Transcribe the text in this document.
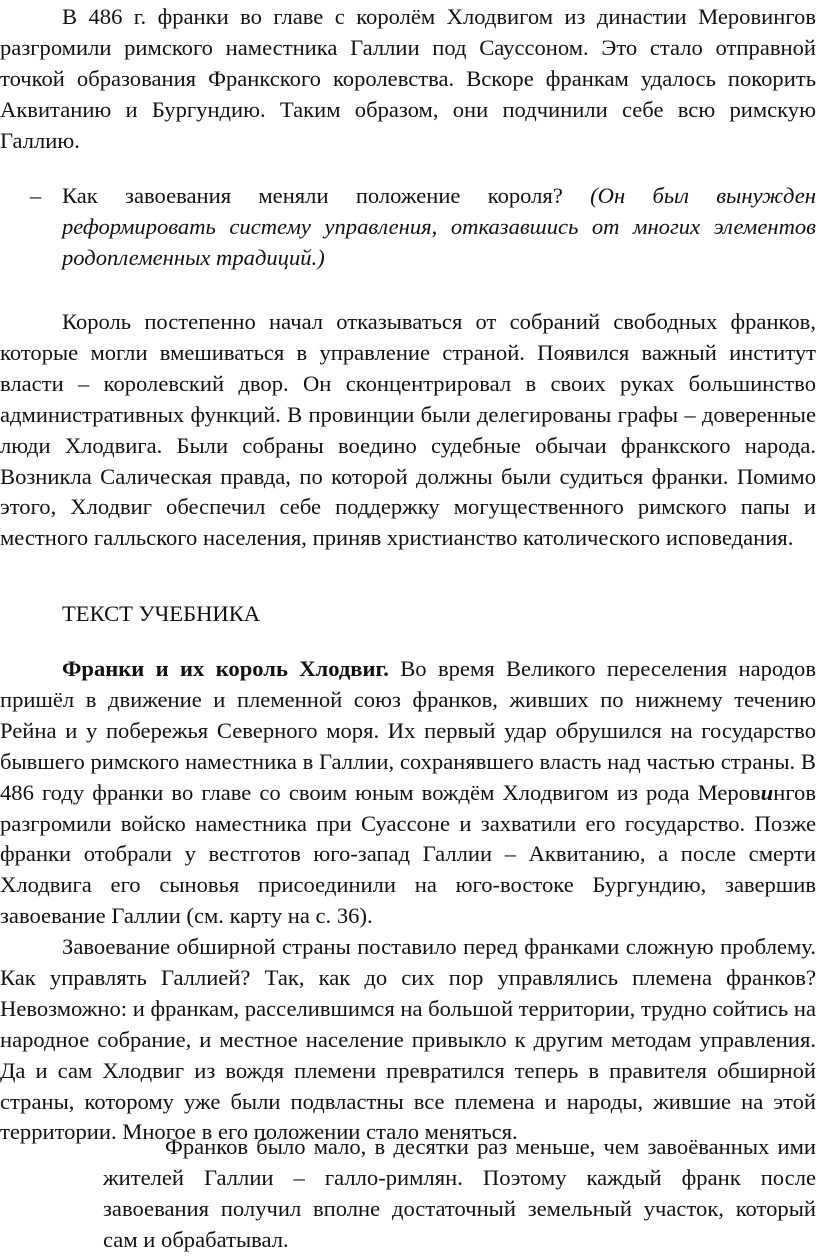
В 486 г. франки во главе с королём Хлодвигом из династии Меровингов разгромили римского наместника Галлии под Сауссоном. Это стало отправной точкой образования Франкского королевства. Вскоре франкам удалось покорить Аквитанию и Бургундию. Таким образом, они подчинили себе всю римскую Галлию.

– Как завоевания меняли положение короля? (Он был вынужден реформировать систему управления, отказавшись от многих элементов родоплеменных традиций.)

Король постепенно начал отказываться от собраний свободных франков, которые могли вмешиваться в управление страной. Появился важный институт власти – королевский двор. Он сконцентрировал в своих руках большинство административных функций. В провинции были делегированы графы – доверенные люди Хлодвига. Были собраны воедино судебные обычаи франкского народа. Возникла Салическая правда, по которой должны были судиться франки. Помимо этого, Хлодвиг обеспечил себе поддержку могущественного римского папы и местного галльского населения, приняв христианство католического исповедания.

ТЕКСТ УЧЕБНИКА

Франки и их король Хлодвиг. Во время Великого переселения народов пришёл в движение и племенной союз франков, живших по нижнему течению Рейна и у побережья Северного моря. Их первый удар обрушился на государство бывшего римского наместника в Галлии, сохранявшего власть над частью страны. В 486 году франки во главе со своим юным вождём Хлодвигом из рода Меровингов разгромили войско наместника при Суассоне и захватили его государство. Позже франки отобрали у вестготов юго-запад Галлии – Аквитанию, а после смерти Хлодвига его сыновья присоединили на юго-востоке Бургундию, завершив завоевание Галлии (см. карту на с. 36).

Завоевание обширной страны поставило перед франками сложную проблему. Как управлять Галлией? Так, как до сих пор управлялись племена франков? Невозможно: и франкам, расселившимся на большой территории, трудно сойтись на народное собрание, и местное население привыкло к другим методам управления. Да и сам Хлодвиг из вождя племени превратился теперь в правителя обширной страны, которому уже были подвластны все племена и народы, жившие на этой территории. Многое в его положении стало меняться.

Франков было мало, в десятки раз меньше, чем завоёванных ими жителей Галлии – галло-римлян. Поэтому каждый франк после завоевания получил вполне достаточный земельный участок, который сам и обрабатывал.
